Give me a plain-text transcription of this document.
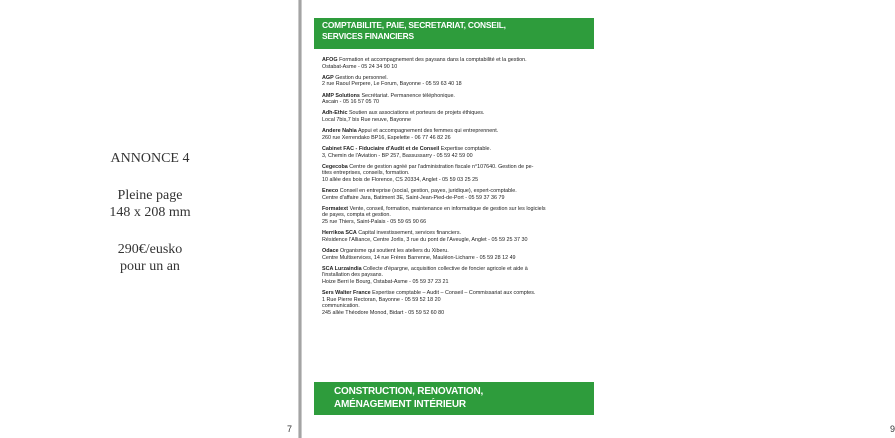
ANNONCE 4
Pleine page
148 x 208 mm
290€/eusko
pour un an
7
COMPTABILITE, PAIE, SECRETARIAT, CONSEIL,
SERVICES FINANCIERS
AFOG Formation et accompagnement des paysans dans la comptabilité et la gestion.
Ostabat-Asme - 05 24 34 90 10
AGP Gestion du personnel.
2 rue Raoul Perpere, Le Forum, Bayonne - 05 59 63 40 18
AMP Solutions Secrétariat. Permanence téléphonique.
Ascain - 05 16 57 05 70
Adh-Ethic Soutien aux associations et porteurs de projets éthiques.
Local 7bis,7 bis Rue neuve, Bayonne
Andere Nahia Appui et accompagnement des femmes qui entreprennent.
260 rue Xerrendako BP16, Espelette - 06 77 46 82 26
Cabinet FAC - Fiduciaire d'Audit et de Conseil Expertise comptable.
3, Chemin de l'Aviation - BP 257, Bassussarry - 05 59 42 59 00
Cegecoba Centre de gestion agréé par l'administration fiscale n°107640. Gestion de pe-
tites entreprises, conseils, formation.
10 allée des bois de Florence, CS 20334, Anglet - 05 59 03 25 25
Eneco Conseil en entreprise (social, gestion, payes, juridique), expert-comptable.
Centre d'affaire Jara, Batiment 3E, Saint-Jean-Pied-de-Port - 05 59 37 36 79
Formatext Vente, conseil, formation, maintenance en informatique de gestion sur les logiciels
de payes, compta et gestion.
25 rue Thiers, Saint-Palais - 05 59 65 90 66
Herrikoa SCA Capital investissement, services financiers.
Résidence l'Alliance, Centre Jorlis, 3 rue du pont de l'Aveugle, Anglet - 05 59 25 37 30
Odace Organisme qui soutient les ateliers du Xiberu.
Centre Multiservices, 14 rue Frères Barrenne, Mauléon-Licharre - 05 59 28 12 49
SCA Lurzaindia Collecte d'épargne, acquisition collective de foncier agricole et aide à
l'installation des paysans.
Hoize Berri le Bourg, Ostabat-Asme - 05 59 37 23 21
Sers Walter France Expertise comptable – Audit – Conseil – Commissariat aux comptes.
1 Rue Pierre Rectoran, Bayonne - 05 59 52 18 20
communication.
245 allée Théodore Monod, Bidart - 05 59 52 60 80
CONSTRUCTION, RENOVATION,
AMÉNAGEMENT INTÉRIEUR
9
